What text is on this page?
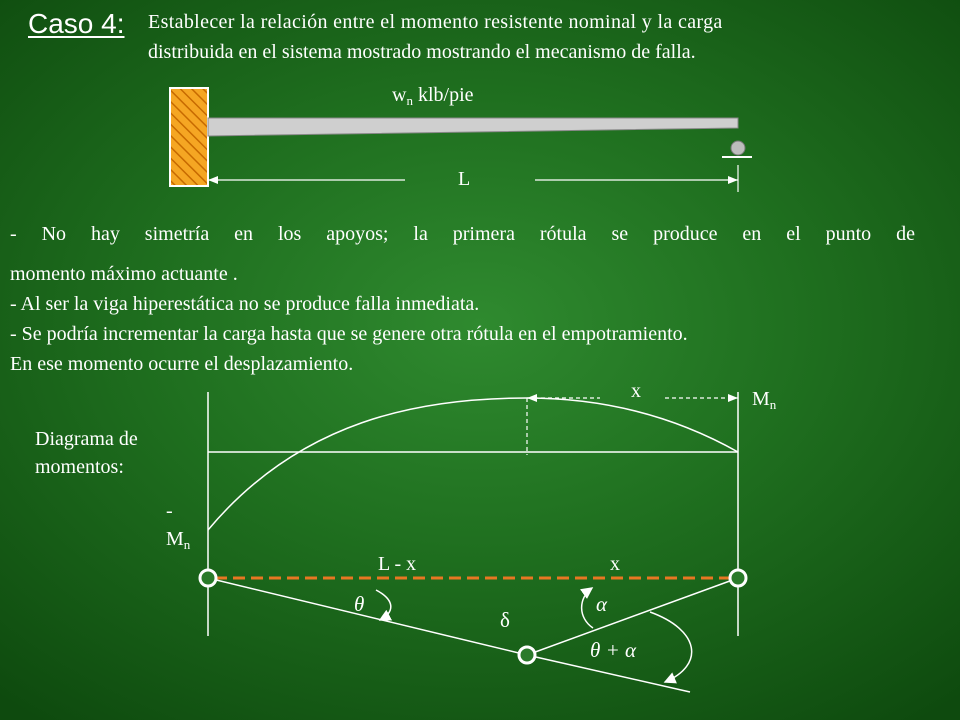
Caso 4: Establecer la relación entre el momento resistente nominal y la carga
distribuida en el sistema mostrado mostrando el mecanismo de falla.
$w_n$ klb/pie
L
- No hay simetría en los apoyos; la primera rótula se produce en el punto de
momento máximo actuante .
- Al ser la viga hiperestática no se produce falla inmediata.
- Se podría incrementar la carga hasta que se genere otra rótula en el empotramiento.
En ese momento ocurre el desplazamiento.
Diagrama de
momentos:
x	$M_n$
-
$M_n$
L - x	x
θ
δ
α
θ + α
